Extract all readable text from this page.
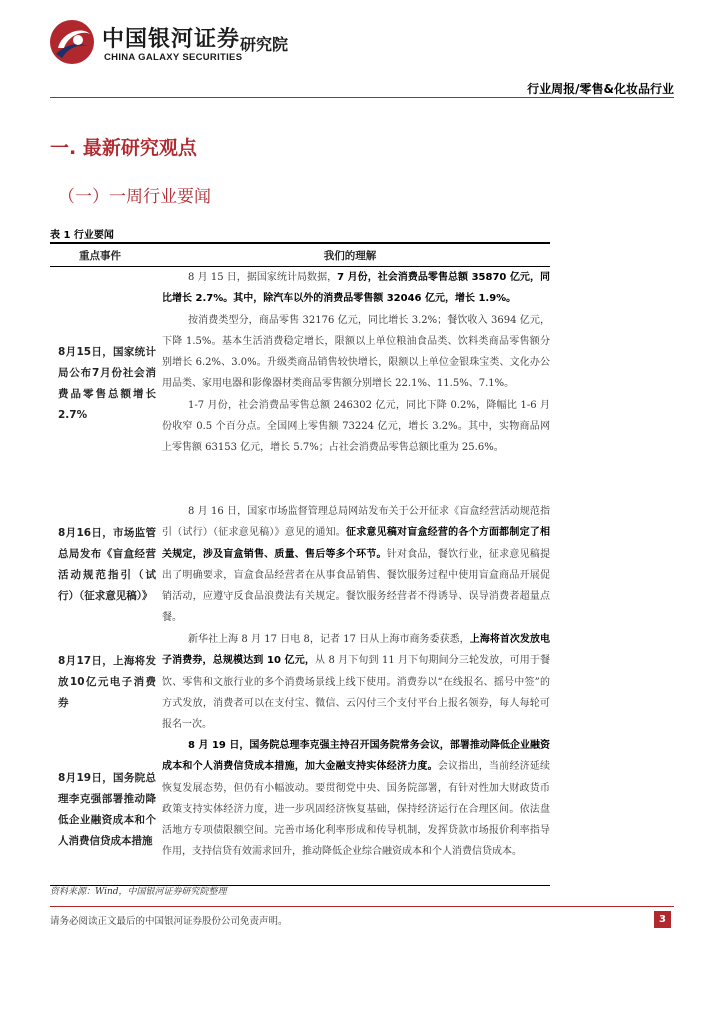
中国银河证券 研究院
CHINA GALAXY SECURITIES
行业周报/零售&化妆品行业
一. 最新研究观点
（一）一周行业要闻
表 1 行业要闻
重点事件	我们的理解
8月15日，国家统计局公布7月份社会消费品零售总额增长2.7%

8 月 15 日，据国家统计局数据，7 月份，社会消费品零售总额 35870 亿元，同比增长 2.7%。其中，除汽车以外的消费品零售额 32046 亿元，增长 1.9%。

按消费类型分，商品零售 32176 亿元，同比增长 3.2%；餐饮收入 3694 亿元，下降 1.5%。基本生活消费稳定增长，限额以上单位粮油食品类、饮料类商品零售额分别增长 6.2%、3.0%。升级类商品销售较快增长，限额以上单位金银珠宝类、文化办公用品类、家用电器和影像器材类商品零售额分别增长 22.1%、11.5%、7.1%。

1-7 月份，社会消费品零售总额 246302 亿元，同比下降 0.2%，降幅比 1-6 月份收窄 0.5 个百分点。全国网上零售额 73224 亿元，增长 3.2%。其中，实物商品网上零售额 63153 亿元，增长 5.7%；占社会消费品零售总额比重为 25.6%。

8月16日，市场监管总局发布《盲盒经营活动规范指引（试行）（征求意见稿）》

8 月 16 日，国家市场监督管理总局网站发布关于公开征求《盲盒经营活动规范指引（试行）（征求意见稿）》意见的通知。征求意见稿对盲盒经营的各个方面都制定了相关规定，涉及盲盒销售、质量、售后等多个环节。针对食品，餐饮行业，征求意见稿提出了明确要求，盲盒食品经营者在从事食品销售、餐饮服务过程中使用盲盒商品开展促销活动，应遵守反食品浪费法有关规定。餐饮服务经营者不得诱导、误导消费者超量点餐。

8月17日，上海将发放10亿元电子消费券

新华社上海 8 月 17 日电 8，记者 17 日从上海市商务委获悉，上海将首次发放电子消费券，总规模达到 10 亿元，从 8 月下旬到 11 月下旬期间分三轮发放，可用于餐饮、零售和文旅行业的多个消费场景线上线下使用。消费券以“在线报名、摇号中签”的方式发放，消费者可以在支付宝、微信、云闪付三个支付平台上报名领券，每人每轮可报名一次。

8月19日，国务院总理李克强部署推动降低企业融资成本和个人消费信贷成本措施

8 月 19 日，国务院总理李克强主持召开国务院常务会议，部署推动降低企业融资成本和个人消费信贷成本措施，加大金融支持实体经济力度。会议指出，当前经济延续恢复发展态势，但仍有小幅波动。要贯彻党中央、国务院部署，有针对性加大财政货币政策支持实体经济力度，进一步巩固经济恢复基础，保持经济运行在合理区间。依法盘活地方专项债限额空间。完善市场化利率形成和传导机制，发挥贷款市场报价利率指导作用，支持信贷有效需求回升，推动降低企业综合融资成本和个人消费信贷成本。

资料来源：Wind，中国银河证券研究院整理
请务必阅读正文最后的中国银河证券股份公司免责声明。	3
